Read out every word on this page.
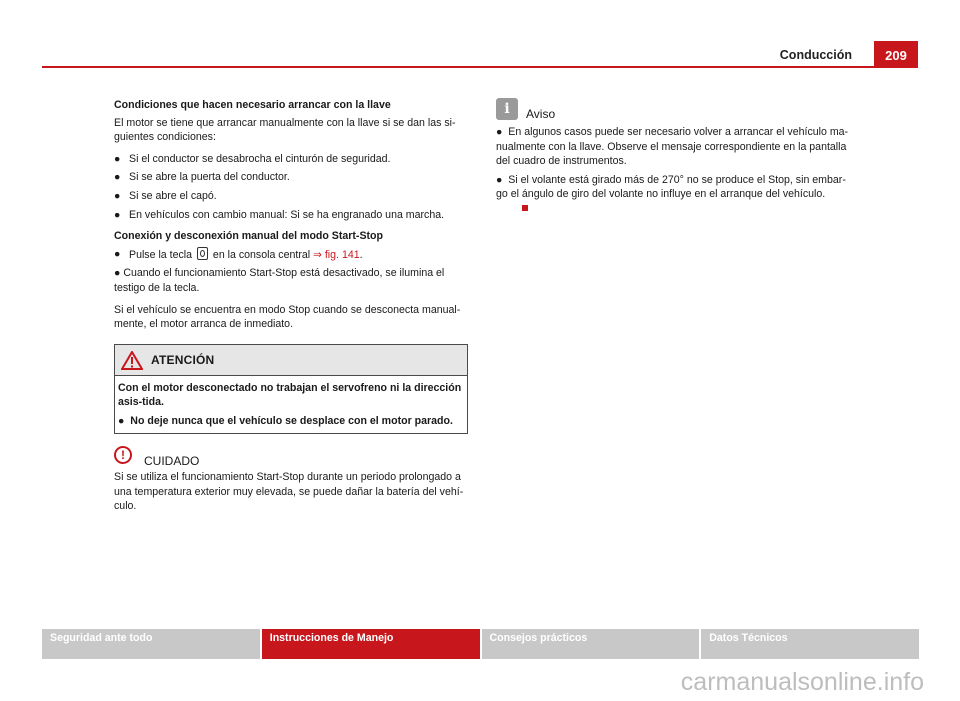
Conducción	209
Condiciones que hacen necesario arrancar con la llave
El motor se tiene que arrancar manualmente con la llave si se dan las si-guientes condiciones:
● Si el conductor se desabrocha el cinturón de seguridad.
● Si se abre la puerta del conductor.
● Si se abre el capó.
● En vehículos con cambio manual: Si se ha engranado una marcha.
Conexión y desconexión manual del modo Start-Stop
● Pulse la tecla en la consola central ⇒ fig. 141.
● Cuando el funcionamiento Start-Stop está desactivado, se ilumina el testigo de la tecla.
Si el vehículo se encuentra en modo Stop cuando se desconecta manual-mente, el motor arranca de inmediato.
ATENCIÓN
Con el motor desconectado no trabajan el servofreno ni la dirección asis-tida.
●  No deje nunca que el vehículo se desplace con el motor parado.
!	CUIDADO
Si se utiliza el funcionamiento Start-Stop durante un periodo prolongado a una temperatura exterior muy elevada, se puede dañar la batería del vehí-culo.
i	Aviso
●  En algunos casos puede ser necesario volver a arrancar el vehículo ma-nualmente con la llave. Observe el mensaje correspondiente en la pantalla del cuadro de instrumentos.
●  Si el volante está girado más de 270° no se produce el Stop, sin embar-go el ángulo de giro del volante no influye en el arranque del vehículo.
Seguridad ante todo	Instrucciones de Manejo	Consejos prácticos	Datos Técnicos
carmanualsonline.info
